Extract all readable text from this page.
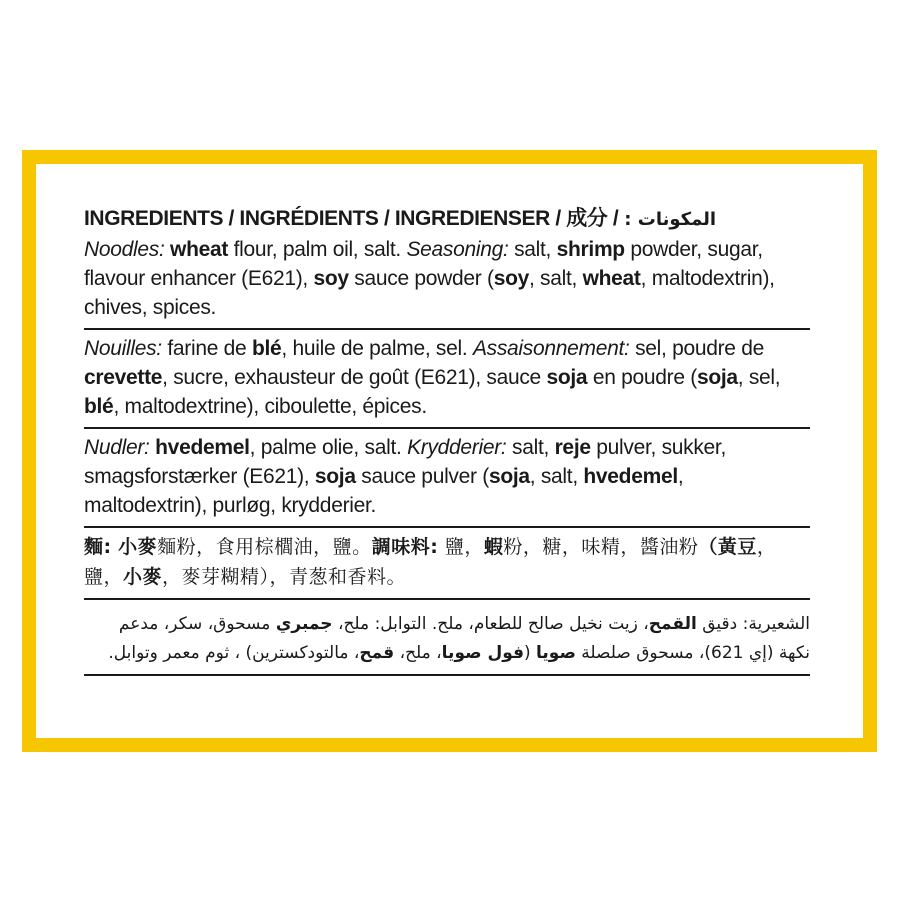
INGREDIENTS / INGRÉDIENTS / INGREDIENSER / 成分 / المكونات :
Noodles: wheat flour, palm oil, salt. Seasoning: salt, shrimp powder, sugar, flavour enhancer (E621), soy sauce powder (soy, salt, wheat, maltodextrin), chives, spices.
Nouilles: farine de blé, huile de palme, sel. Assaisonnement: sel, poudre de crevette, sucre, exhausteur de goût (E621), sauce soja en poudre (soja, sel, blé, maltodextrine), ciboulette, épices.
Nudler: hvedemel, palme olie, salt. Krydderier: salt, reje pulver, sukker, smagsforstærker (E621), soja sauce pulver (soja, salt, hvedemel, maltodextrin), purløg, krydderier.
麵: 小麥麵粉，食用棕櫚油，鹽。調味料: 鹽，蝦粉，糖，味精，醬油粉（黃豆，鹽，小麥，麥芽糊精），青葱和香料。
الشعيرية: دقيق القمح، زيت نخيل صالح للطعام، ملح. التوابل: ملح، جمبري مسحوق، سكر، مدعم نكهة (إي 621)، مسحوق صلصلة صويا (فول صويا، ملح، قمح، مالتودكسترين) ، ثوم معمر وتوابل.
